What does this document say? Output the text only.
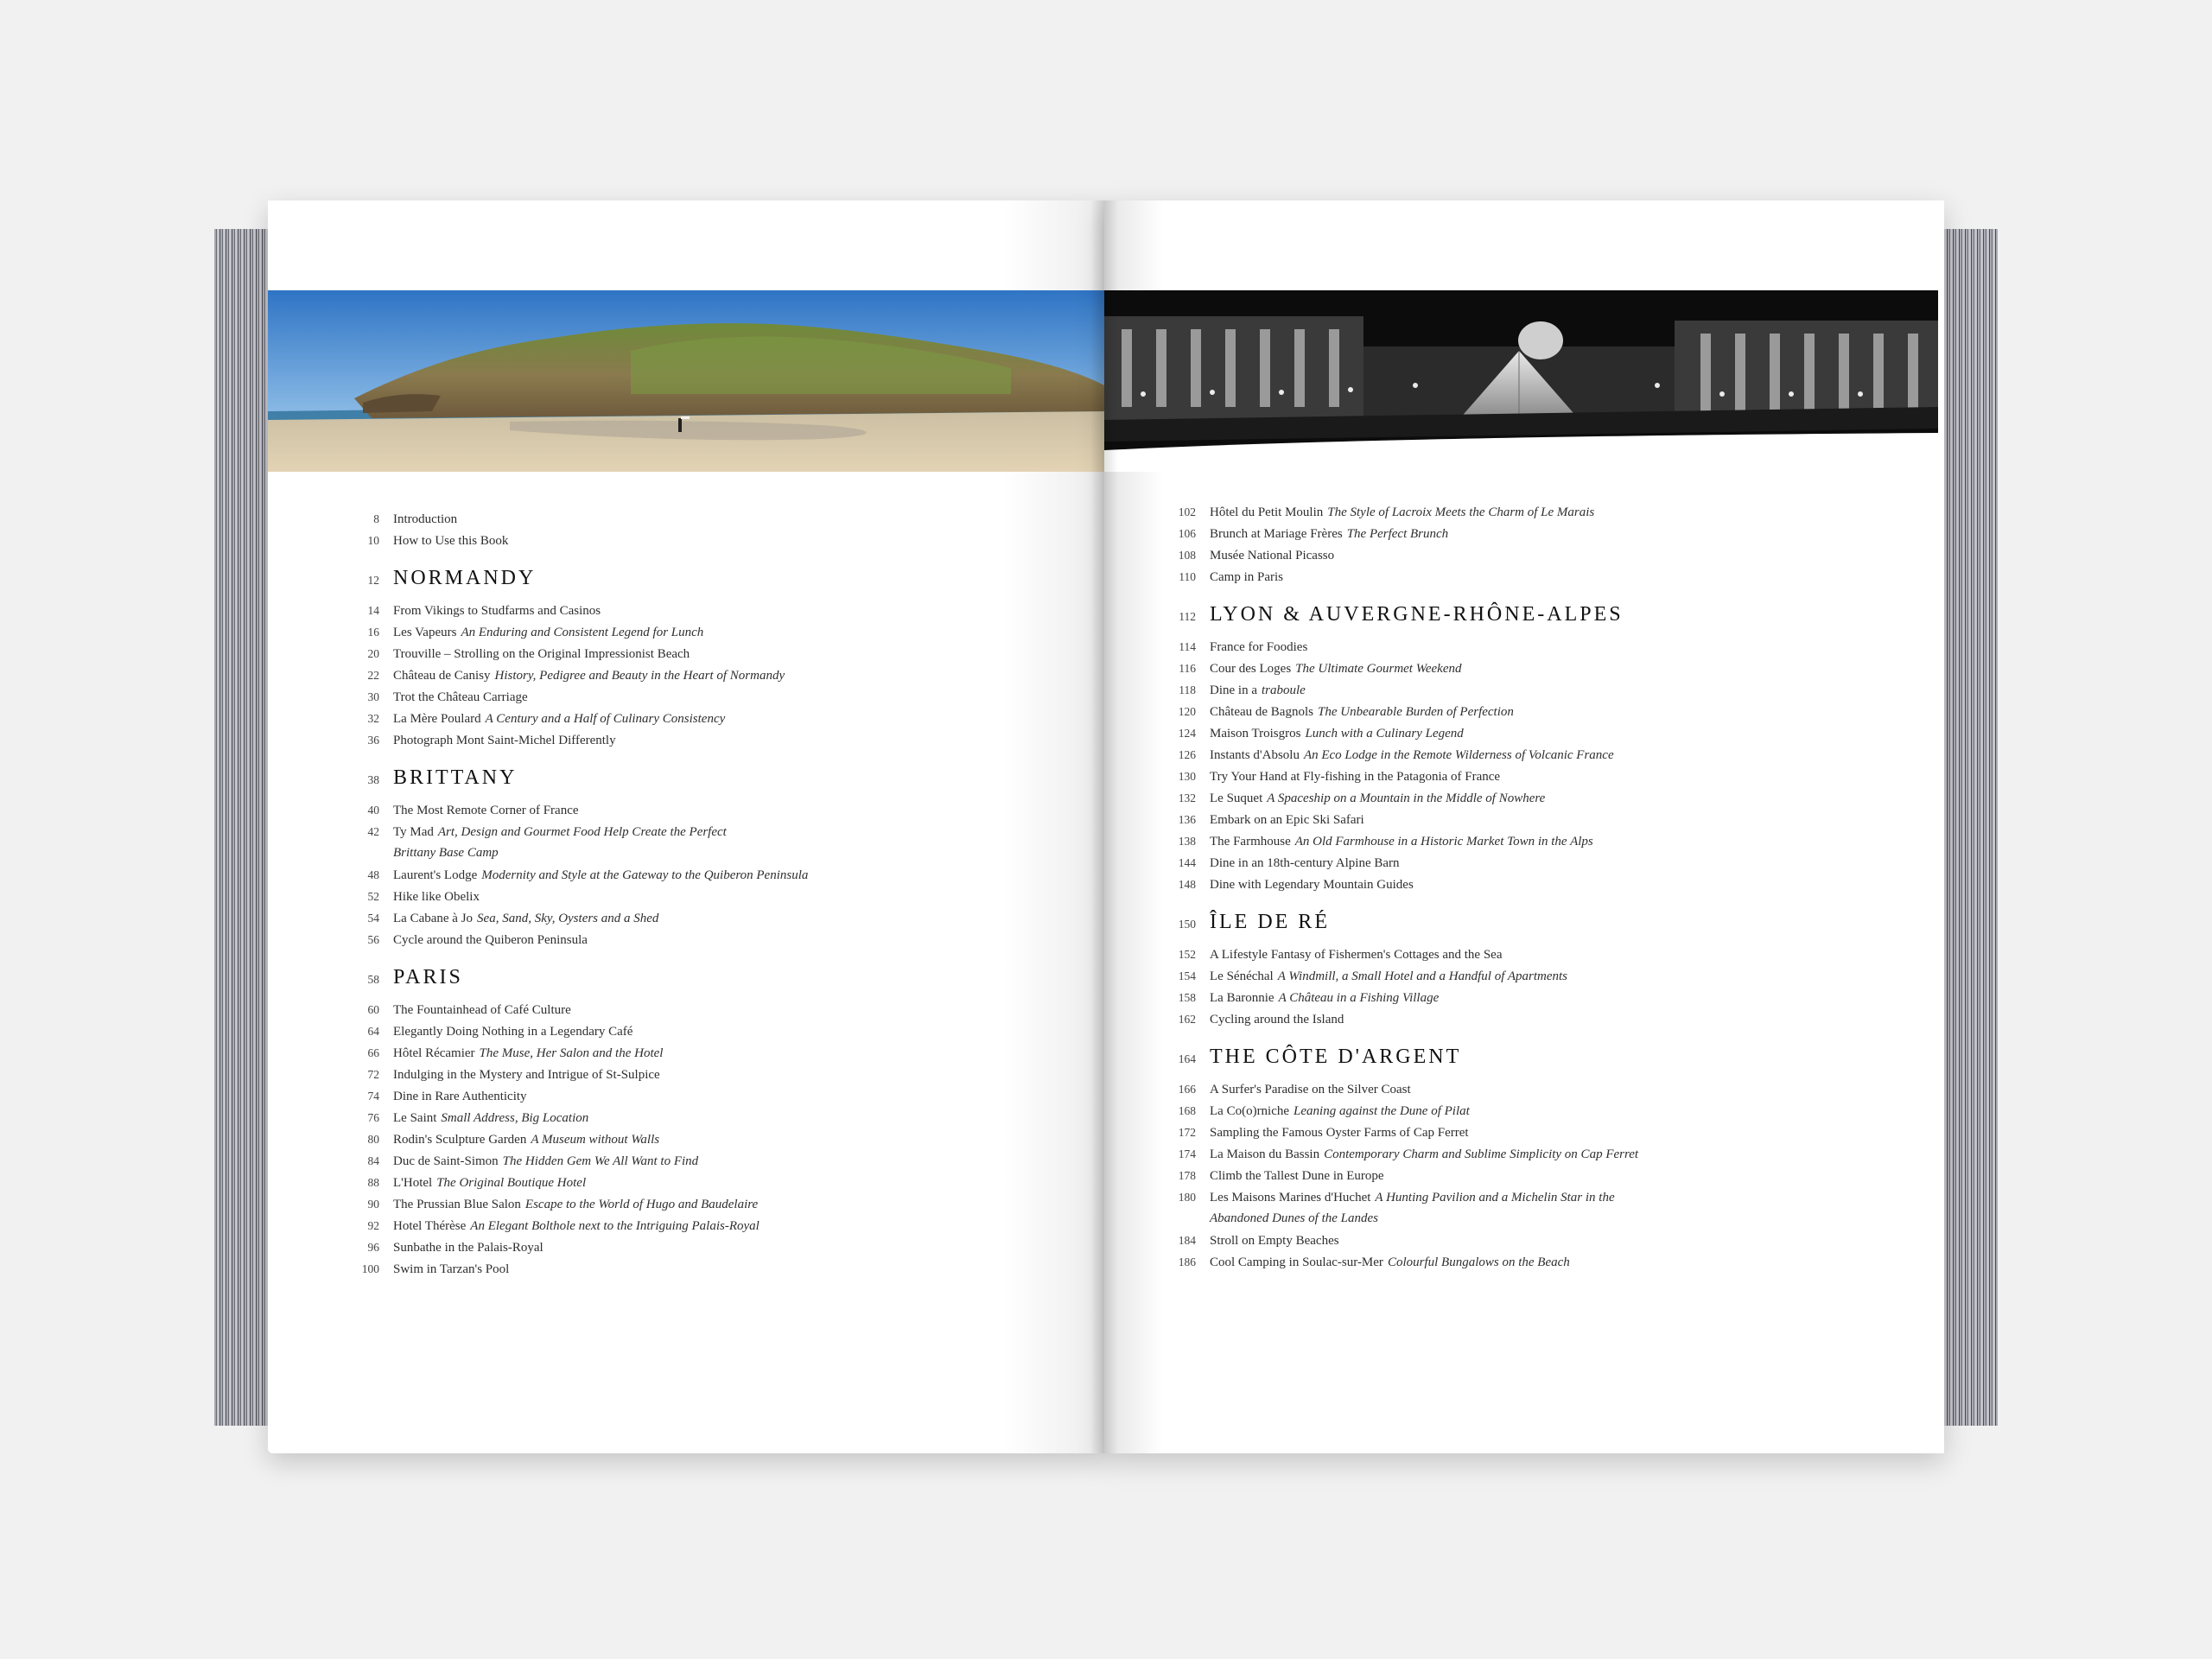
8 Introduction
10 How to Use this Book
12 NORMANDY
14 From Vikings to Studfarms and Casinos
16 Les Vapeurs An Enduring and Consistent Legend for Lunch
20 Trouville – Strolling on the Original Impressionist Beach
22 Château de Canisy History, Pedigree and Beauty in the Heart of Normandy
30 Trot the Château Carriage
32 La Mère Poulard A Century and a Half of Culinary Consistency
36 Photograph Mont Saint-Michel Differently
38 BRITTANY
40 The Most Remote Corner of France
42 Ty Mad Art, Design and Gourmet Food Help Create the Perfect
Brittany Base Camp
48 Laurent's Lodge Modernity and Style at the Gateway to the Quiberon Peninsula
52 Hike like Obelix
54 La Cabane à Jo Sea, Sand, Sky, Oysters and a Shed
56 Cycle around the Quiberon Peninsula
58 PARIS
60 The Fountainhead of Café Culture
64 Elegantly Doing Nothing in a Legendary Café
66 Hôtel Récamier The Muse, Her Salon and the Hotel
72 Indulging in the Mystery and Intrigue of St-Sulpice
74 Dine in Rare Authenticity
76 Le Saint Small Address, Big Location
80 Rodin's Sculpture Garden A Museum without Walls
84 Duc de Saint-Simon The Hidden Gem We All Want to Find
88 L'Hotel The Original Boutique Hotel
90 The Prussian Blue Salon Escape to the World of Hugo and Baudelaire
92 Hotel Thérèse An Elegant Bolthole next to the Intriguing Palais-Royal
96 Sunbathe in the Palais-Royal
100 Swim in Tarzan's Pool
102 Hôtel du Petit Moulin The Style of Lacroix Meets the Charm of Le Marais
106 Brunch at Mariage Frères The Perfect Brunch
108 Musée National Picasso
110 Camp in Paris
112 LYON & AUVERGNE-RHÔNE-ALPES
114 France for Foodies
116 Cour des Loges The Ultimate Gourmet Weekend
118 Dine in a traboule
120 Château de Bagnols The Unbearable Burden of Perfection
124 Maison Troisgros Lunch with a Culinary Legend
126 Instants d'Absolu An Eco Lodge in the Remote Wilderness of Volcanic France
130 Try Your Hand at Fly-fishing in the Patagonia of France
132 Le Suquet A Spaceship on a Mountain in the Middle of Nowhere
136 Embark on an Epic Ski Safari
138 The Farmhouse An Old Farmhouse in a Historic Market Town in the Alps
144 Dine in an 18th-century Alpine Barn
148 Dine with Legendary Mountain Guides
150 ÎLE DE RÉ
152 A Lifestyle Fantasy of Fishermen's Cottages and the Sea
154 Le Sénéchal A Windmill, a Small Hotel and a Handful of Apartments
158 La Baronnie A Château in a Fishing Village
162 Cycling around the Island
164 THE CÔTE D'ARGENT
166 A Surfer's Paradise on the Silver Coast
168 La Co(o)rniche Leaning against the Dune of Pilat
172 Sampling the Famous Oyster Farms of Cap Ferret
174 La Maison du Bassin Contemporary Charm and Sublime Simplicity on Cap Ferret
178 Climb the Tallest Dune in Europe
180 Les Maisons Marines d'Huchet A Hunting Pavilion and a Michelin Star in the
Abandoned Dunes of the Landes
184 Stroll on Empty Beaches
186 Cool Camping in Soulac-sur-Mer Colourful Bungalows on the Beach
